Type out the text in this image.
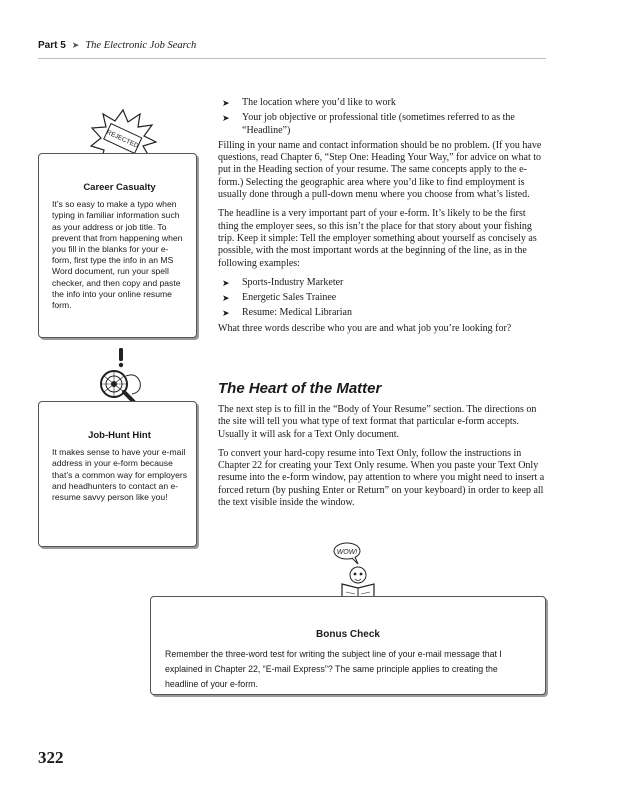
Part 5 ➤ The Electronic Job Search
➤	The location where you’d like to work
➤	Your job objective or professional title (sometimes referred to as the “Headline”)

Filling in your name and contact information should be no problem. (If you have questions, read Chapter 6, “Step One: Heading Your Way,” for advice on what to put in the Heading section of your resume. The same concepts apply to the e-form.) Selecting the geographic area where you’d like to find employment is usually done through a pull-down menu where you choose from what’s listed.

The headline is a very important part of your e-form. It’s likely to be the first thing the employer sees, so this isn’t the place for that story about your fishing trip. Keep it simple: Tell the employer something about yourself as concisely as possible, with the most important words at the beginning of the line, as in the following examples:

➤	Sports-Industry Marketer
➤	Energetic Sales Trainee
➤	Resume: Medical Librarian

What three words describe who you are and what job you’re looking for?

The Heart of the Matter

The next step is to fill in the “Body of Your Resume” section. The directions on the site will tell you what type of text format that particular e-form accepts. Usually it will ask for a Text Only document.

To convert your hard-copy resume into Text Only, follow the instructions in Chapter 22 for creating your Text Only resume. When you paste your Text Only resume into the e-form window, pay attention to where you might need to insert a forced return (by pushing Enter or Return” on your keyboard) in order to keep all the text visible inside the window.

REJECTED
Career Casualty
It’s so easy to make a typo when typing in familiar information such as your address or job title. To prevent that from happening when you fill in the blanks for your e-form, first type the info in an MS Word document, run your spell checker, and then copy and paste the info into your online resume form.
Job-Hunt Hint
It makes sense to have your e-mail address in your e-form because that’s a common way for employers and headhunters to contact an e-resume savvy person like you!
WOW!
Bonus Check
Remember the three-word test for writing the subject line of your e-mail message that I explained in Chapter 22, “E-mail Express”? The same principle applies to creating the headline of your e-form.
322
